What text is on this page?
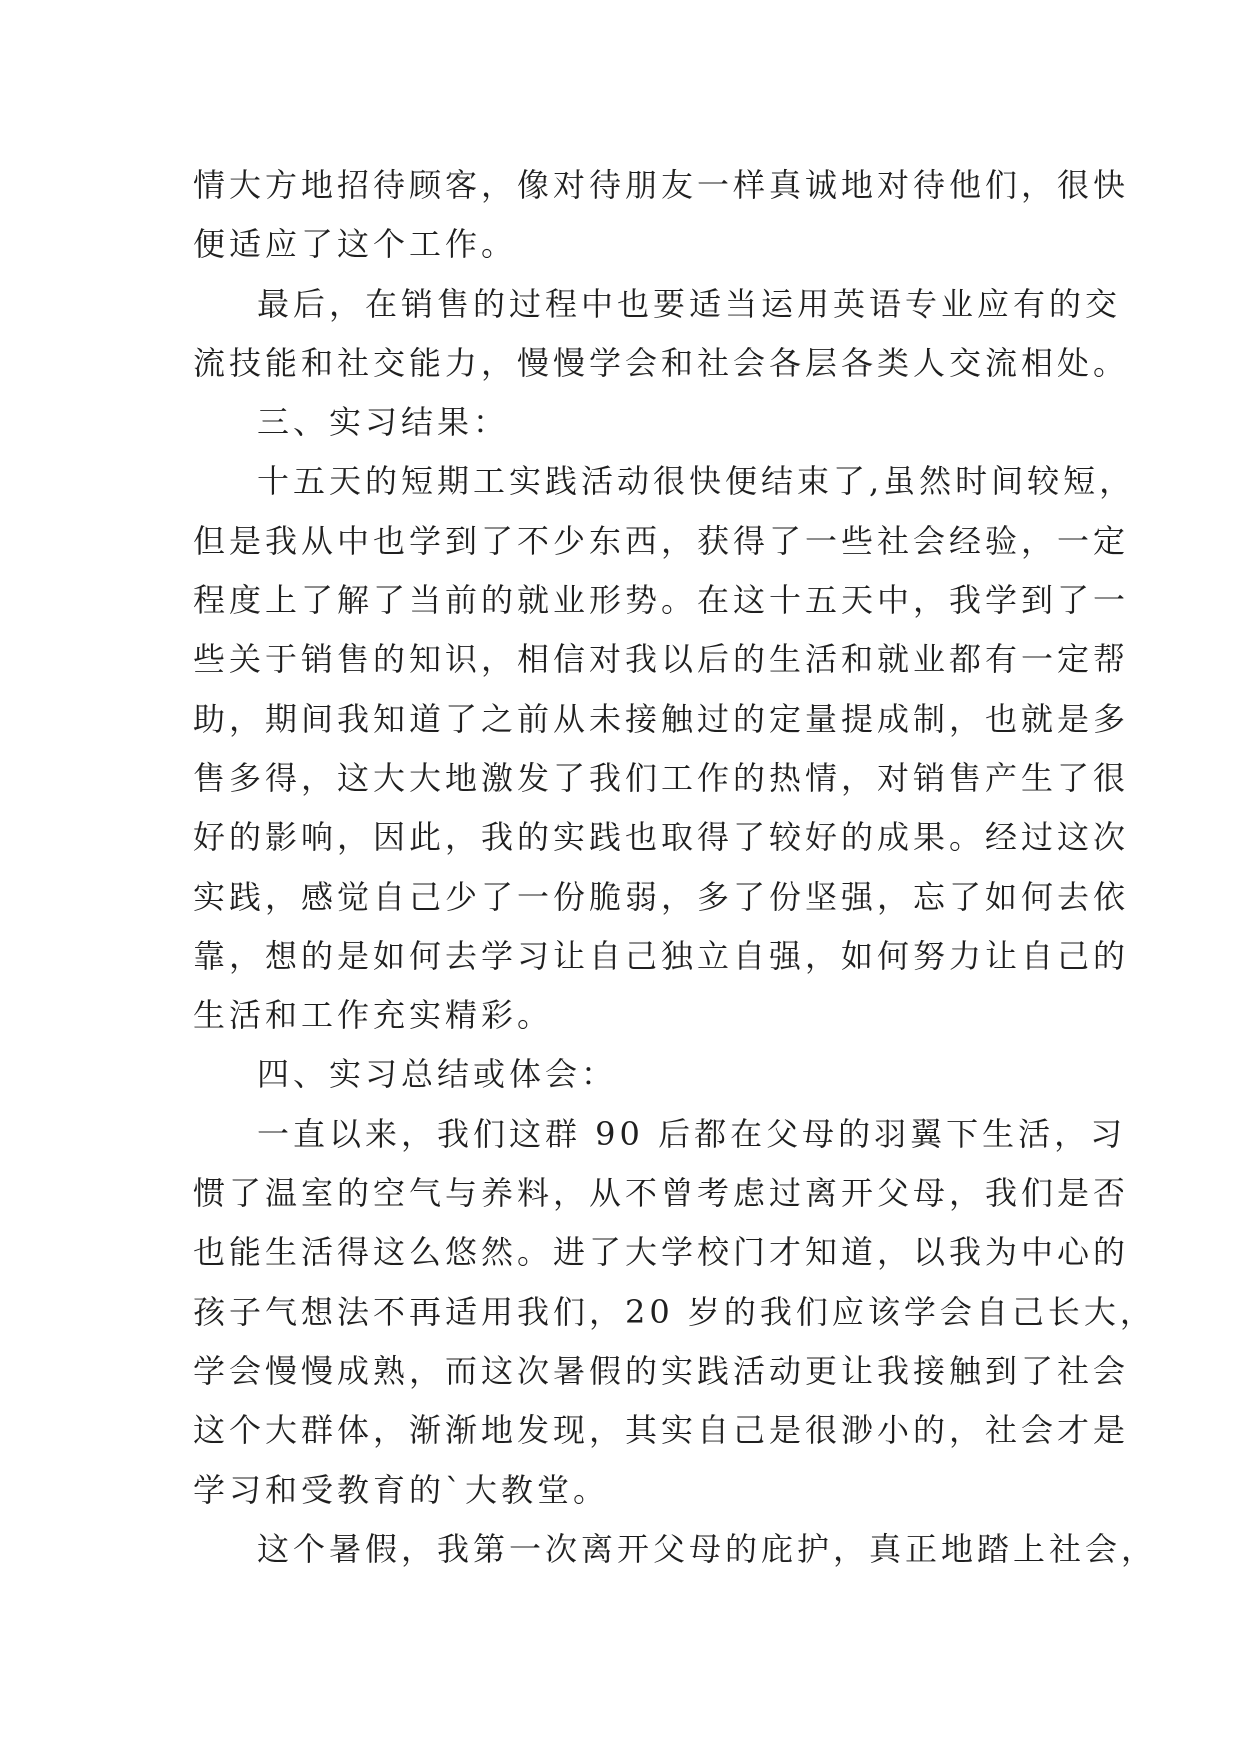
情大方地招待顾客，像对待朋友一样真诚地对待他们，很快
便适应了这个工作。
最后，在销售的过程中也要适当运用英语专业应有的交
流技能和社交能力，慢慢学会和社会各层各类人交流相处。
三、实习结果：
十五天的短期工实践活动很快便结束了,虽然时间较短，
但是我从中也学到了不少东西，获得了一些社会经验，一定
程度上了解了当前的就业形势。在这十五天中，我学到了一
些关于销售的知识，相信对我以后的生活和就业都有一定帮
助，期间我知道了之前从未接触过的定量提成制，也就是多
售多得，这大大地激发了我们工作的热情，对销售产生了很
好的影响，因此，我的实践也取得了较好的成果。经过这次
实践，感觉自己少了一份脆弱，多了份坚强，忘了如何去依
靠，想的是如何去学习让自己独立自强，如何努力让自己的
生活和工作充实精彩。
四、实习总结或体会：
一直以来，我们这群 90 后都在父母的羽翼下生活，习
惯了温室的空气与养料，从不曾考虑过离开父母，我们是否
也能生活得这么悠然。进了大学校门才知道，以我为中心的
孩子气想法不再适用我们，20 岁的我们应该学会自己长大，
学会慢慢成熟，而这次暑假的实践活动更让我接触到了社会
这个大群体，渐渐地发现，其实自己是很渺小的，社会才是
学习和受教育的`大教堂。
这个暑假，我第一次离开父母的庇护，真正地踏上社会，
